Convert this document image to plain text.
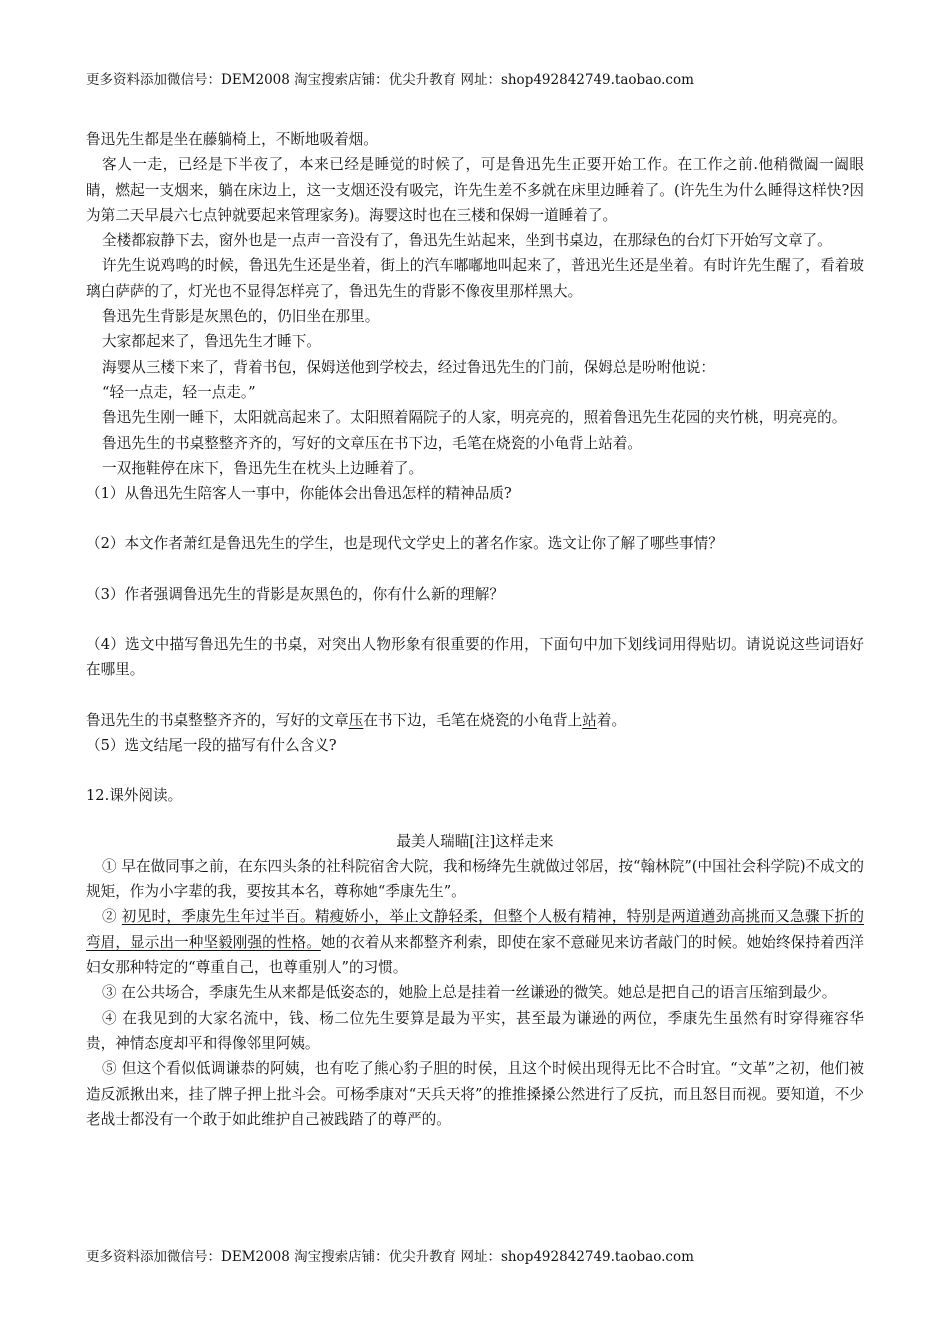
更多资料添加微信号：DEM2008 淘宝搜索店铺：优尖升教育 网址：shop492842749.taobao.com

鲁迅先生都是坐在藤躺椅上，不断地吸着烟。

客人一走，已经是下半夜了，本来已经是睡觉的时候了，可是鲁迅先生正要开始工作。在工作之前.他稍微阖一阖眼睛，燃起一支烟来，躺在床边上，这一支烟还没有吸完，许先生差不多就在床里边睡着了。(许先生为什么睡得这样快?因为第二天早晨六七点钟就要起来管理家务)。海婴这时也在三楼和保姆一道睡着了。

全楼都寂静下去，窗外也是一点声一音没有了，鲁迅先生站起来，坐到书桌边，在那绿色的台灯下开始写文章了。

许先生说鸡鸣的时候，鲁迅先生还是坐着，街上的汽车嘟嘟地叫起来了，普迅光生还是坐着。有时许先生醒了，看着玻璃白萨萨的了，灯光也不显得怎样亮了，鲁迅先生的背影不像夜里那样黑大。

鲁迅先生背影是灰黑色的，仍旧坐在那里。

大家都起来了，鲁迅先生才睡下。

海婴从三楼下来了，背着书包，保姆送他到学校去，经过鲁迅先生的门前，保姆总是吩咐他说：

“轻一点走，轻一点走。”

鲁迅先生刚一睡下，太阳就高起来了。太阳照着隔院子的人家，明亮亮的，照着鲁迅先生花园的夹竹桃，明亮亮的。

鲁迅先生的书桌整整齐齐的，写好的文章压在书下边，毛笔在烧瓷的小龟背上站着。

一双拖鞋停在床下，鲁迅先生在枕头上边睡着了。

（1）从鲁迅先生陪客人一事中，你能体会出鲁迅怎样的精神品质?

（2）本文作者萧红是鲁迅先生的学生，也是现代文学史上的著名作家。选文让你了解了哪些事情？

（3）作者强调鲁迅先生的背影是灰黑色的，你有什么新的理解？

（4）选文中描写鲁迅先生的书桌，对突出人物形象有很重要的作用，下面句中加下划线词用得贴切。请说说这些词语好在哪里。

鲁迅先生的书桌整整齐齐的，写好的文章压在书下边，毛笔在烧瓷的小龟背上站着。

（5）选文结尾一段的描写有什么含义?

12.课外阅读。

最美人瑞瞄[注]这样走来

① 早在做同事之前，在东四头条的社科院宿舍大院，我和杨绛先生就做过邻居，按“翰林院”(中国社会科学院)不成文的规矩，作为小字辈的我，要按其本名，尊称她“季康先生”。

② 初见时，季康先生年过半百。精瘦娇小，举止文静轻柔，但整个人极有精神，特别是两道遒劲高挑而又急骤下折的弯眉，显示出一种坚毅刚强的性格。她的衣着从来都整齐利索，即使在家不意碰见来访者敲门的时候。她始终保持着西洋妇女那种特定的“尊重自己，也尊重别人”的习惯。

③ 在公共场合，季康先生从来都是低姿态的，她脸上总是挂着一丝谦逊的微笑。她总是把自己的语言压缩到最少。

④ 在我见到的大家名流中，钱、杨二位先生要算是最为平实，甚至最为谦逊的两位，季康先生虽然有时穿得雍容华贵，神情态度却平和得像邻里阿姨。

⑤ 但这个看似低调谦恭的阿姨，也有吃了熊心豹子胆的时侯，且这个时候出现得无比不合时宜。“文革”之初，他们被造反派揪出来，挂了牌子押上批斗会。可杨季康对“天兵天将”的推推搡搡公然进行了反抗，而且怒目而视。要知道，不少老战士都没有一个敢于如此维护自己被践踏了的尊严的。

更多资料添加微信号：DEM2008 淘宝搜索店铺：优尖升教育 网址：shop492842749.taobao.com
